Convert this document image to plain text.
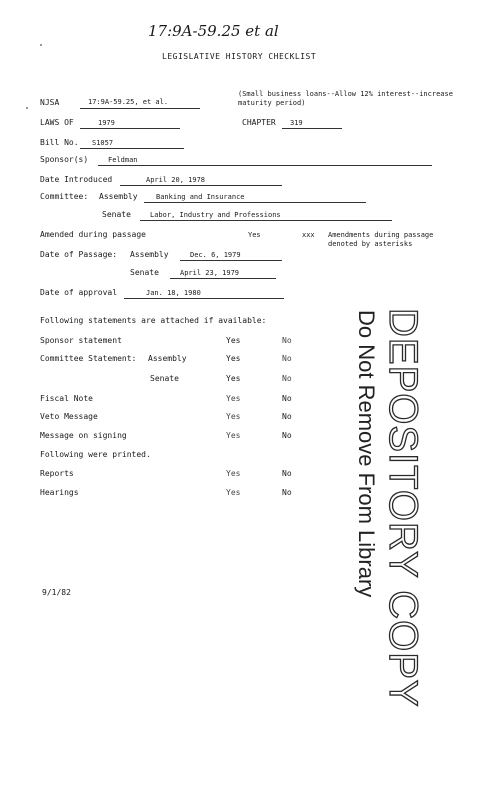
17:9A-59.25 et al
LEGISLATIVE HISTORY CHECKLIST
NJSA	17:9A-59.25, et al.
(Small business loans--Allow 12% interest--increase maturity period)
LAWS OF	1979	CHAPTER 319
Bill No. S1057
Sponsor(s)	Feldman
Date Introduced	April 20, 1978
Committee: Assembly	Banking and Insurance
Senate	Labor, Industry and Professions
Amended during passage	Yes	xxx Amendments during passage denoted by asterisks
Date of Passage: Assembly	Dec. 6, 1979
Senate	April 23, 1979
Date of approval	Jan. 18, 1980
Following statements are attached if available:
Sponsor statement	Yes	No
Committee Statement: Assembly	Yes	No
Senate	Yes	No
Fiscal Note	Yes	No
Veto Message	Yes	No
Message on signing	Yes	No
Following were printed.
Reports	Yes	No
Hearings	Yes	No DEPOSITORY COPY
Do Not Remove From Library
9/1/82
